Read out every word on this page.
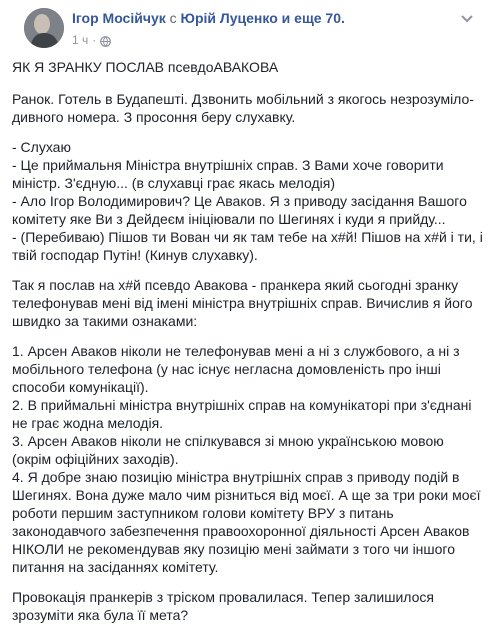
Ігор Мосійчук с Юрій Луценко и еще 70.
1 ч ·
ЯК Я ЗРАНКУ ПОСЛАВ псевдоАВАКОВА
Ранок. Готель в Будапешті. Дзвонить мобільний з якогось незрозуміло-
дивного номера. З просоння беру слухавку.
- Слухаю
- Це приймальня Міністра внутрішніх справ. З Вами хоче говорити
міністр. З'єдную... (в слухавці грає якась мелодія)
- Ало Ігор Володимирович? Це Аваков. Я з приводу засідання Вашого
комітету яке Ви з Дейдеєм ініціювали по Шегинях і куди я прийду...
- (Перебиваю) Пішов ти Вован чи як там тебе на х#й! Пішов на х#й і ти, і
твій господар Путін! (Кинув слухавку).
Так я послав на х#й псевдо Авакова - пранкера який сьогодні зранку
телефонував мені від імені міністра внутрішніх справ. Вичислив я його
швидко за такими ознаками:
1. Арсен Аваков ніколи не телефонував мені а ні з службового, а ні з
мобільного телефона (у нас існує негласна домовленість про інші
способи комунікації).
2. В приймальні міністра внутрішніх справ на комунікаторі при з'єднані
не грає жодна мелодія.
3. Арсен Аваков ніколи не спілкувався зі мною українською мовою
(окрім офіційних заходів).
4. Я добре знаю позицію міністра внутрішніх справ з приводу подій в
Шегинях. Вона дуже мало чим різниться від моєї. А ще за три роки моєї
роботи першим заступником голови комітету ВРУ з питань
законодавчого забезпечення правоохоронної діяльності Арсен Аваков
НІКОЛИ не рекомендував яку позицію мені займати з того чи іншого
питання на засіданнях комітету.
Провокація пранкерів з тріском провалилася. Тепер залишилося
зрозуміти яка була її мета?
